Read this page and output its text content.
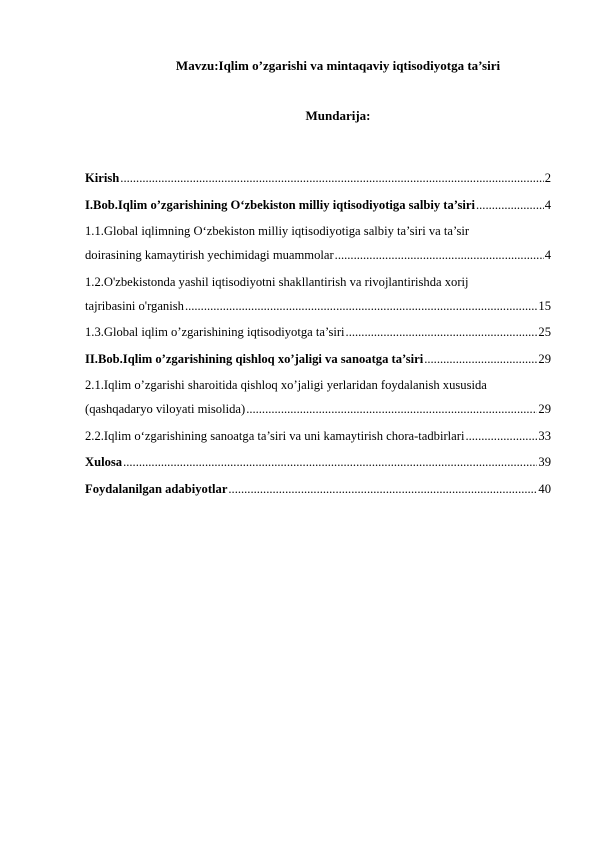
Mavzu:Iqlim o’zgarishi va mintaqaviy iqtisodiyotga ta’siri
Mundarija:
Kirish .....	2
I.Bob.Iqlim o’zgarishining O‘zbekiston milliy iqtisodiyotiga salbiy ta’siri .....	4
1.1.Global iqlimning O‘zbekiston milliy iqtisodiyotiga salbiy ta’siri va ta’sir
doirasining kamaytirish yechimidagi muammolar .....	4
1.2.O'zbekistonda yashil iqtisodiyotni shakllantirish va rivojlantirishda xorij
tajribasini o'rganish .....	15
1.3.Global iqlim o’zgarishining iqtisodiyotga ta’siri .....	25
II.Bob.Iqlim o’zgarishining qishloq xo’jaligi va sanoatga ta’siri .....	29
2.1.Iqlim o’zgarishi sharoitida qishloq xo’jaligi yerlaridan foydalanish xususida
(qashqadaryo viloyati misolida) .....	29
2.2.Iqlim o‘zgarishining sanoatga ta’siri va uni kamaytirish chora-tadbirlari .....	33
Xulosa .....	39
Foydalanilgan adabiyotlar .....	40
